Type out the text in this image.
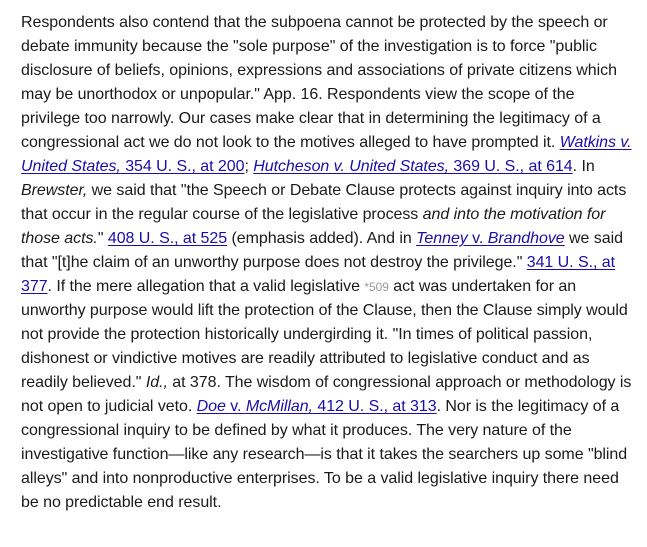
Respondents also contend that the subpoena cannot be protected by the speech or debate immunity because the "sole purpose" of the investigation is to force "public disclosure of beliefs, opinions, expressions and associations of private citizens which may be unorthodox or unpopular." App. 16. Respondents view the scope of the privilege too narrowly. Our cases make clear that in determining the legitimacy of a congressional act we do not look to the motives alleged to have prompted it. Watkins v. United States, 354 U. S., at 200; Hutcheson v. United States, 369 U. S., at 614. In Brewster, we said that "the Speech or Debate Clause protects against inquiry into acts that occur in the regular course of the legislative process and into the motivation for those acts." 408 U. S., at 525 (emphasis added). And in Tenney v. Brandhove we said that "[t]he claim of an unworthy purpose does not destroy the privilege." 341 U. S., at 377. If the mere allegation that a valid legislative *509 act was undertaken for an unworthy purpose would lift the protection of the Clause, then the Clause simply would not provide the protection historically undergirding it. "In times of political passion, dishonest or vindictive motives are readily attributed to legislative conduct and as readily believed." Id., at 378. The wisdom of congressional approach or methodology is not open to judicial veto. Doe v. McMillan, 412 U. S., at 313. Nor is the legitimacy of a congressional inquiry to be defined by what it produces. The very nature of the investigative function—like any research—is that it takes the searchers up some "blind alleys" and into nonproductive enterprises. To be a valid legislative inquiry there need be no predictable end result.
